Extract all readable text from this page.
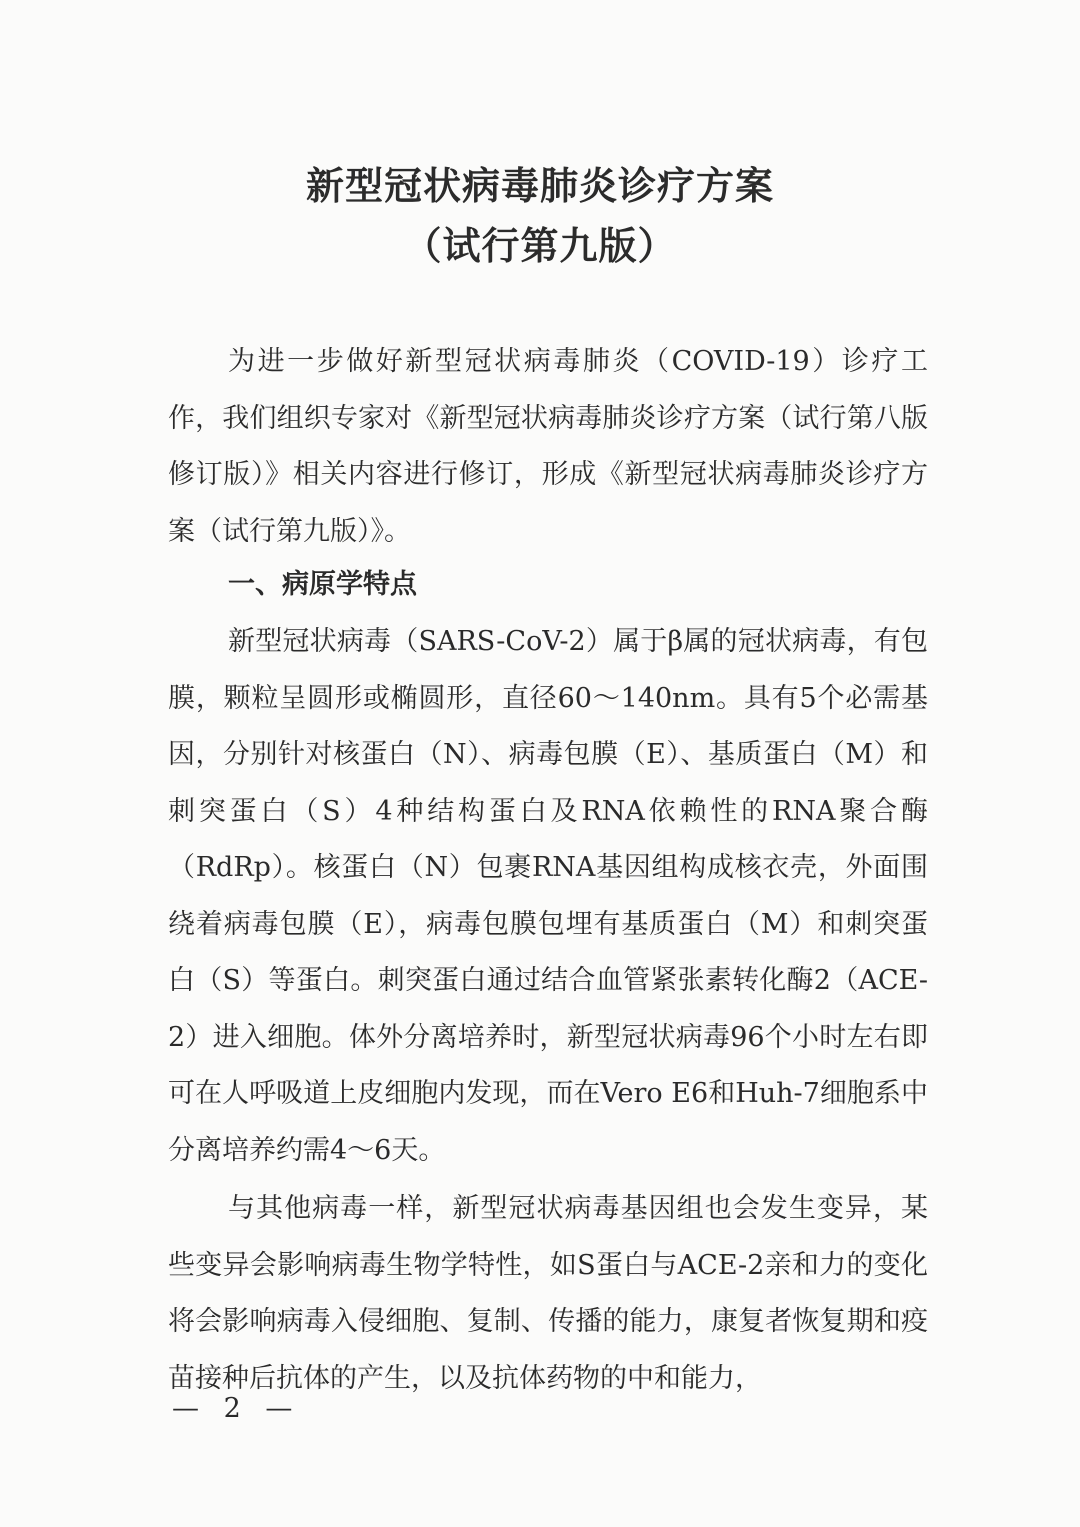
新型冠状病毒肺炎诊疗方案
（试行第九版）

为进一步做好新型冠状病毒肺炎（COVID-19）诊疗工作，我们组织专家对《新型冠状病毒肺炎诊疗方案（试行第八版修订版）》相关内容进行修订，形成《新型冠状病毒肺炎诊疗方案（试行第九版）》。

一、病原学特点

新型冠状病毒（SARS-CoV-2）属于β属的冠状病毒，有包膜，颗粒呈圆形或椭圆形，直径60～140nm。具有5个必需基因，分别针对核蛋白（N）、病毒包膜（E）、基质蛋白（M）和刺突蛋白（S）4种结构蛋白及RNA依赖性的RNA聚合酶（RdRp）。核蛋白（N）包裹RNA基因组构成核衣壳，外面围绕着病毒包膜（E），病毒包膜包埋有基质蛋白（M）和刺突蛋白（S）等蛋白。刺突蛋白通过结合血管紧张素转化酶2（ACE-2）进入细胞。体外分离培养时，新型冠状病毒96个小时左右即可在人呼吸道上皮细胞内发现，而在Vero E6和Huh-7细胞系中分离培养约需4～6天。

与其他病毒一样，新型冠状病毒基因组也会发生变异，某些变异会影响病毒生物学特性，如S蛋白与ACE-2亲和力的变化将会影响病毒入侵细胞、复制、传播的能力，康复者恢复期和疫苗接种后抗体的产生，以及抗体药物的中和能力，

— 2 —
